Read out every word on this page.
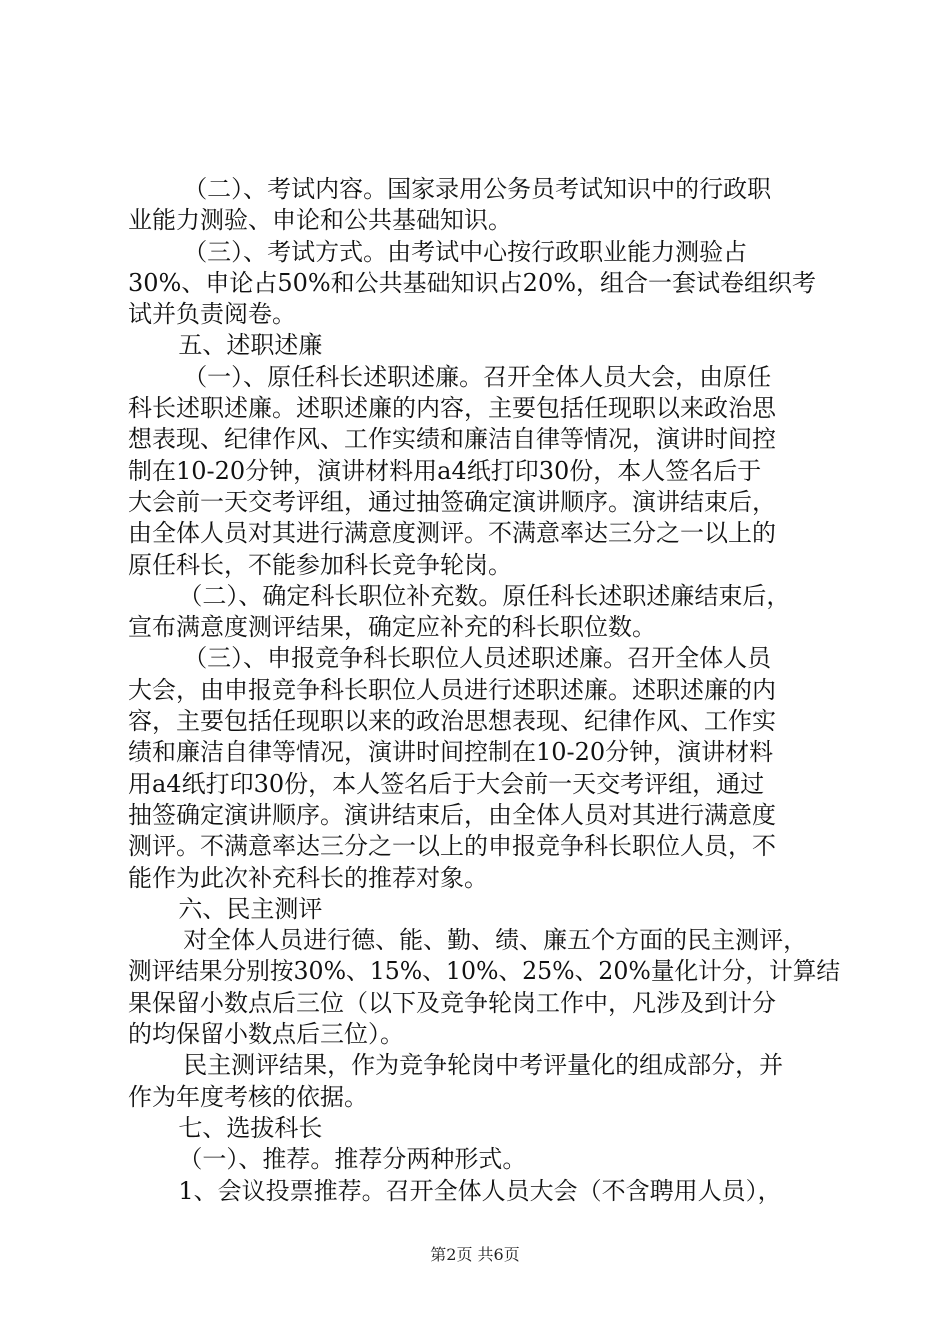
（二）、考试内容。国家录用公务员考试知识中的行政职
业能力测验、申论和公共基础知识。
（三）、考试方式。由考试中心按行政职业能力测验占
30%、申论占50%和公共基础知识占20%，组合一套试卷组织考
试并负责阅卷。
五、述职述廉
（一）、原任科长述职述廉。召开全体人员大会，由原任
科长述职述廉。述职述廉的内容，主要包括任现职以来政治思
想表现、纪律作风、工作实绩和廉洁自律等情况，演讲时间控
制在10-20分钟，演讲材料用a4纸打印30份，本人签名后于
大会前一天交考评组，通过抽签确定演讲顺序。演讲结束后，
由全体人员对其进行满意度测评。不满意率达三分之一以上的
原任科长，不能参加科长竞争轮岗。
（二）、确定科长职位补充数。原任科长述职述廉结束后，
宣布满意度测评结果，确定应补充的科长职位数。
（三）、申报竞争科长职位人员述职述廉。召开全体人员
大会，由申报竞争科长职位人员进行述职述廉。述职述廉的内
容，主要包括任现职以来的政治思想表现、纪律作风、工作实
绩和廉洁自律等情况，演讲时间控制在10-20分钟，演讲材料
用a4纸打印30份，本人签名后于大会前一天交考评组，通过
抽签确定演讲顺序。演讲结束后，由全体人员对其进行满意度
测评。不满意率达三分之一以上的申报竞争科长职位人员，不
能作为此次补充科长的推荐对象。
六、民主测评
对全体人员进行德、能、勤、绩、廉五个方面的民主测评，
测评结果分别按30%、15%、10%、25%、20%量化计分，计算结
果保留小数点后三位（以下及竞争轮岗工作中，凡涉及到计分
的均保留小数点后三位）。
民主测评结果，作为竞争轮岗中考评量化的组成部分，并
作为年度考核的依据。
七、选拔科长
（一）、推荐。推荐分两种形式。
1、会议投票推荐。召开全体人员大会（不含聘用人员），
第2页 共6页
